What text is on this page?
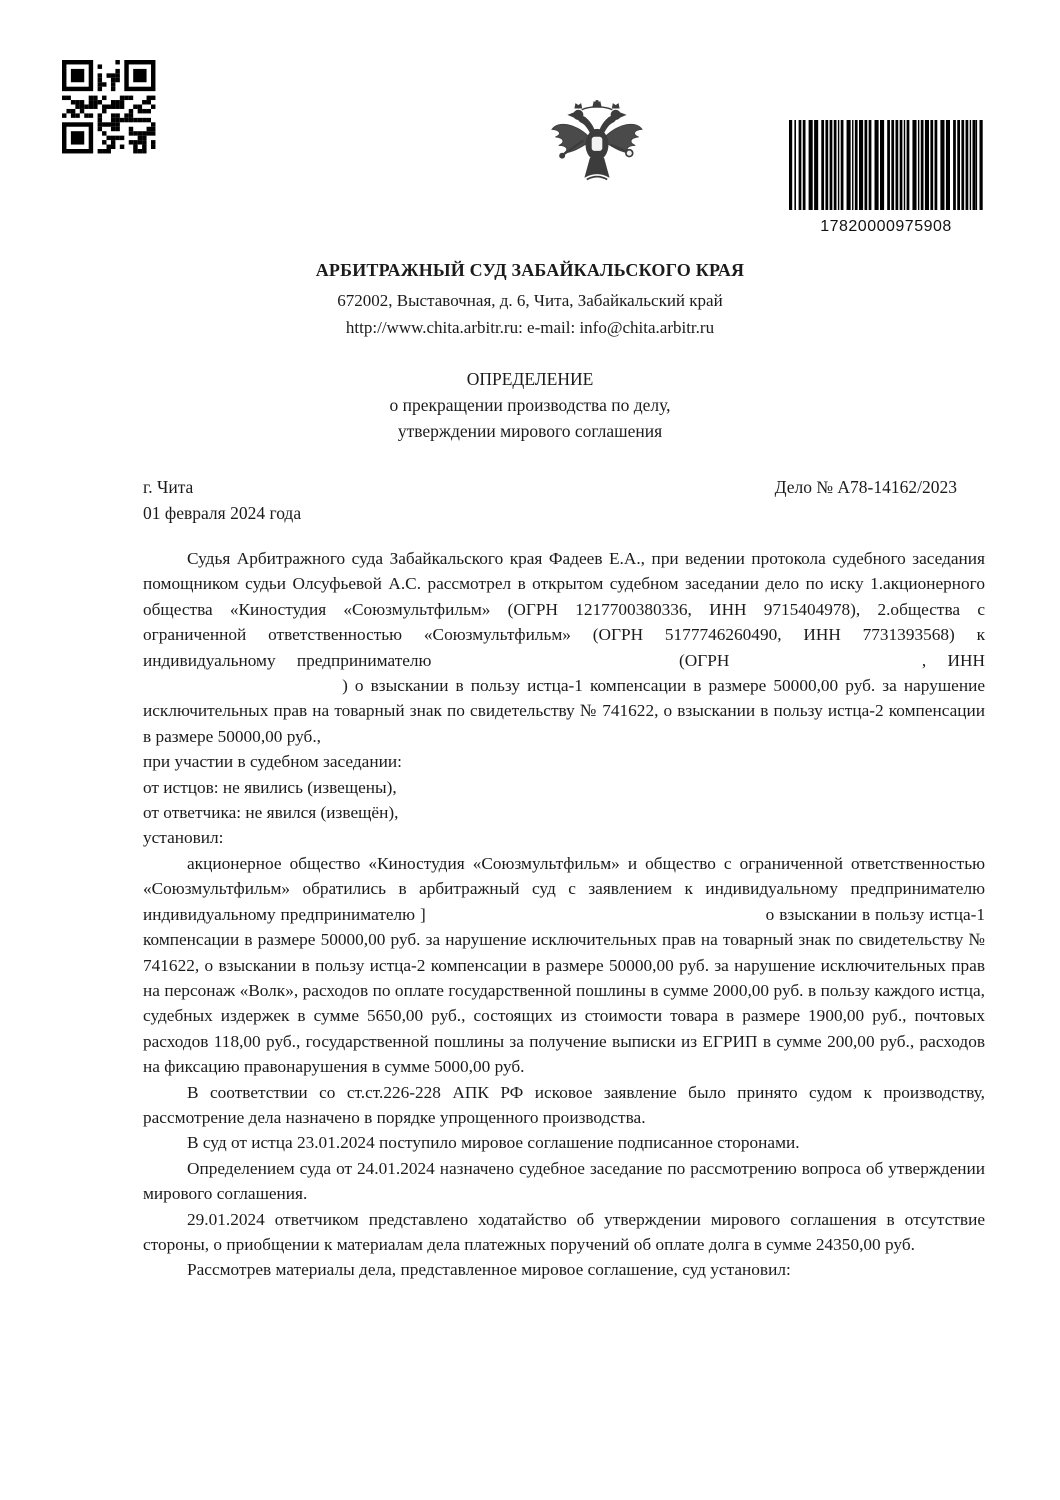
17820000975908
АРБИТРАЖНЫЙ СУД ЗАБАЙКАЛЬСКОГО КРАЯ
672002, Выставочная, д. 6, Чита, Забайкальский край
http://www.chita.arbitr.ru: e-mail: info@chita.arbitr.ru
ОПРЕДЕЛЕНИЕ
о прекращении производства по делу,
утверждении мирового соглашения
г. Чита	Дело № А78-14162/2023
01 февраля 2024 года

Судья Арбитражного суда Забайкальского края Фадеев Е.А., при ведении протокола судебного заседания помощником судьи Олсуфьевой А.С. рассмотрел в открытом судебном заседании дело по иску 1.акционерного общества «Киностудия «Союзмультфильм» (ОГРН 1217700380336, ИНН 9715404978), 2.общества с ограниченной ответственностью «Союзмультфильм» (ОГРН 5177746260490, ИНН 7731393568) к индивидуальному предпринимателю	(ОГРН	, ИНН  ) о взыскании в пользу истца-1 компенсации в размере 50000,00 руб. за нарушение исключительных прав на товарный знак по свидетельству № 741622, о взыскании в пользу истца-2 компенсации в размере 50000,00 руб.,

при участии в судебном заседании:

от истцов: не явились (извещены),

от ответчика: не явился (извещён),

установил:

акционерное общество «Киностудия «Союзмультфильм» и общество с ограниченной ответственностью «Союзмультфильм» обратились в арбитражный суд с заявлением к индивидуальному предпринимателю индивидуальному предпринимателю ]	о взыскании в пользу истца-1 компенсации в размере 50000,00 руб. за нарушение исключительных прав на товарный знак по свидетельству № 741622, о взыскании в пользу истца-2 компенсации в размере 50000,00 руб. за нарушение исключительных прав на персонаж «Волк», расходов по оплате государственной пошлины в сумме 2000,00 руб. в пользу каждого истца, судебных издержек в сумме 5650,00 руб., состоящих из стоимости товара в размере 1900,00 руб., почтовых расходов 118,00 руб., государственной пошлины за получение выписки из ЕГРИП в сумме 200,00 руб., расходов на фиксацию правонарушения в сумме 5000,00 руб.

В соответствии со ст.ст.226-228 АПК РФ исковое заявление было принято судом к производству, рассмотрение дела назначено в порядке упрощенного производства.

В суд от истца 23.01.2024 поступило мировое соглашение подписанное сторонами.

Определением суда от 24.01.2024 назначено судебное заседание по рассмотрению вопроса об утверждении мирового соглашения.

29.01.2024 ответчиком представлено ходатайство об утверждении мирового соглашения в отсутствие стороны, о приобщении к материалам дела платежных поручений об оплате долга в сумме 24350,00 руб.

Рассмотрев материалы дела, представленное мировое соглашение, суд установил:
